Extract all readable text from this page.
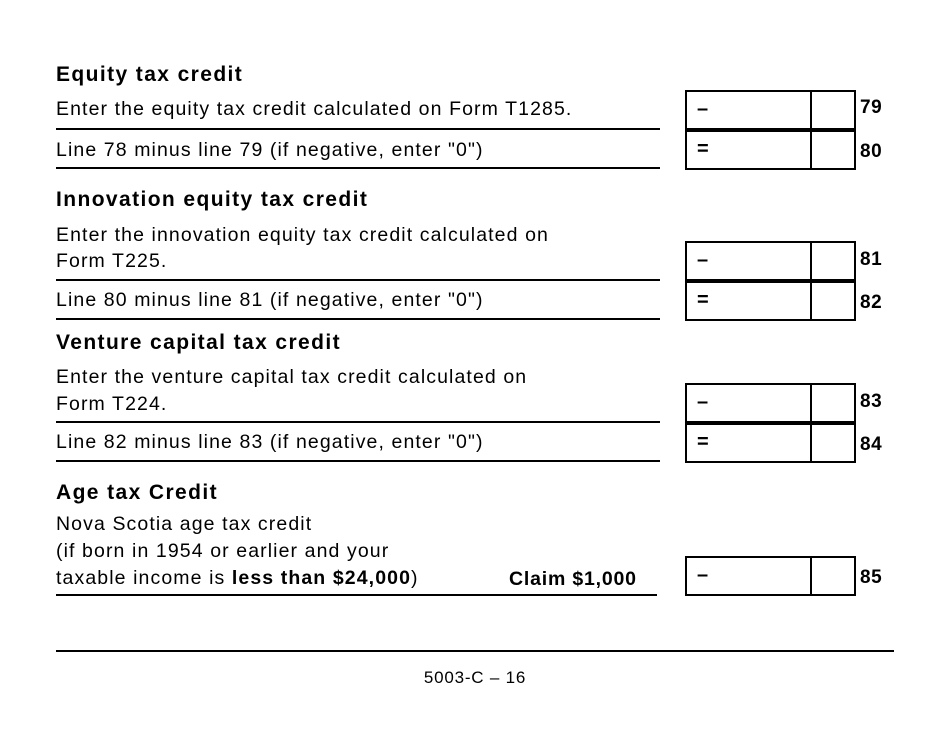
Equity tax credit
Enter the equity tax credit calculated on Form T1285.	–	79
Line 78 minus line 79 (if negative, enter "0")	=	80
Innovation equity tax credit
Enter the innovation equity tax credit calculated on
Form T225.	–	81
Line 80 minus line 81 (if negative, enter "0")	=	82
Venture capital tax credit
Enter the venture capital tax credit calculated on
Form T224.	–	83
Line 82 minus line 83 (if negative, enter "0")	=	84
Age tax Credit
Nova Scotia age tax credit
(if born in 1954 or earlier and your
taxable income is less than $24,000)	Claim $1,000	–	85
5003-C – 16
